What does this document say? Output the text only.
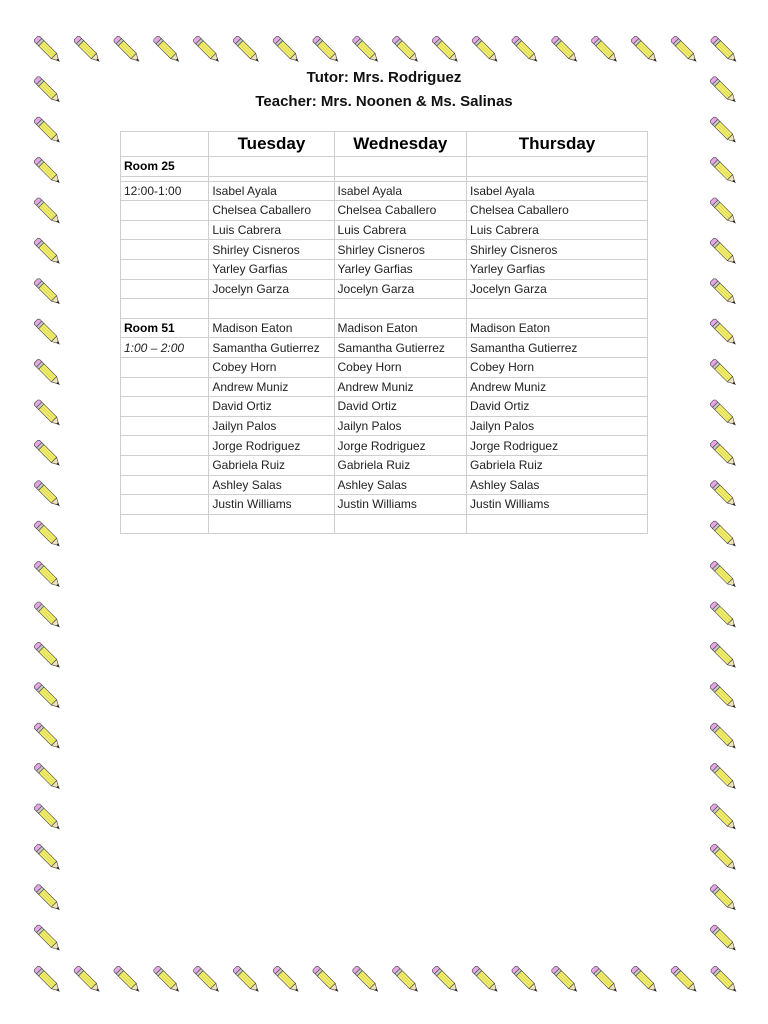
Tutor: Mrs. Rodriguez
Teacher: Mrs. Noonen & Ms. Salinas
	Tuesday	Wednesday	Thursday
Room 25			

12:00-1:00	Isabel Ayala	Isabel Ayala	Isabel Ayala
	Chelsea Caballero	Chelsea Caballero	Chelsea Caballero
	Luis Cabrera	Luis Cabrera	Luis Cabrera
	Shirley Cisneros	Shirley Cisneros	Shirley Cisneros
	Yarley Garfias	Yarley Garfias	Yarley Garfias
	Jocelyn Garza	Jocelyn Garza	Jocelyn Garza

Room 51	Madison Eaton	Madison Eaton	Madison Eaton
1:00 – 2:00	Samantha Gutierrez	Samantha Gutierrez	Samantha Gutierrez
	Cobey Horn	Cobey Horn	Cobey Horn
	Andrew Muniz	Andrew Muniz	Andrew Muniz
	David Ortiz	David Ortiz	David Ortiz
	Jailyn Palos	Jailyn Palos	Jailyn Palos
	Jorge Rodriguez	Jorge Rodriguez	Jorge Rodriguez
	Gabriela Ruiz	Gabriela Ruiz	Gabriela Ruiz
	Ashley Salas	Ashley Salas	Ashley Salas
	Justin Williams	Justin Williams	Justin Williams
